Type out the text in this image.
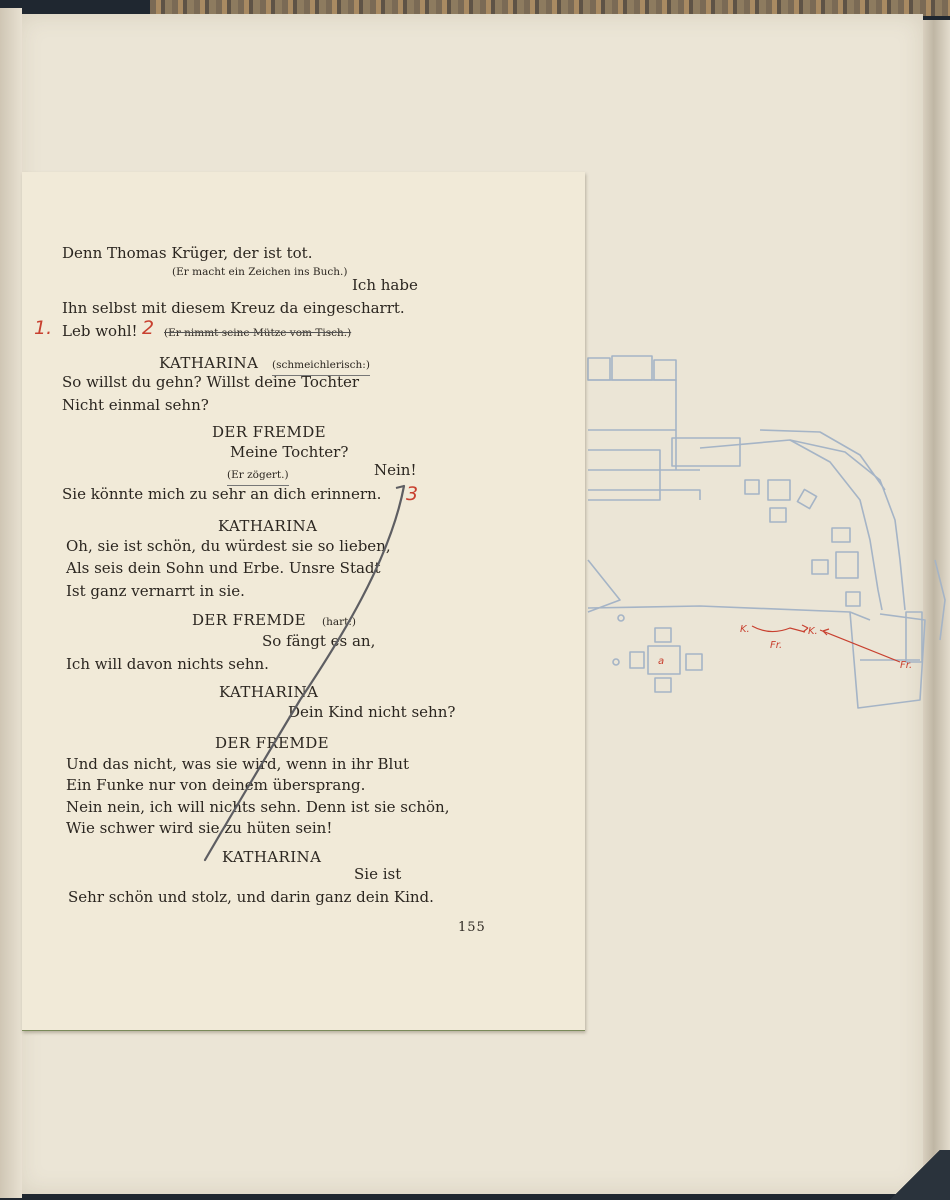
Denn Thomas Krüger, der ist tot.

(Er macht ein Zeichen ins Buch.)

Ich habe

Ihn selbst mit diesem Kreuz da eingescharrt.

Leb wohl!	(Er nimmt seine Mütze vom Tisch.)

KATHARINA (schmeichlerisch:)

So willst du gehn? Willst deine Tochter

Nicht einmal sehn?

DER FREMDE

Meine Tochter?

(Er zögert.)	Nein!

Sie könnte mich zu sehr an dich erinnern.

KATHARINA

Oh, sie ist schön, du würdest sie so lieben,

Als seis dein Sohn und Erbe. Unsre Stadt

Ist ganz vernarrt in sie.

DER FREMDE (hart:)

So fängt es an,

Ich will davon nichts sehn.

KATHARINA

Dein Kind nicht sehn?

DER FREMDE

Und das nicht, was sie wird, wenn in ihr Blut

Ein Funke nur von deinem übersprang.

Nein nein, ich will nichts sehn. Denn ist sie schön,

Wie schwer wird sie zu hüten sein!

KATHARINA

Sie ist

Sehr schön und stolz, und darin ganz dein Kind.

155

1.	2
3
a
K.	K.
Fr.
Fr.
